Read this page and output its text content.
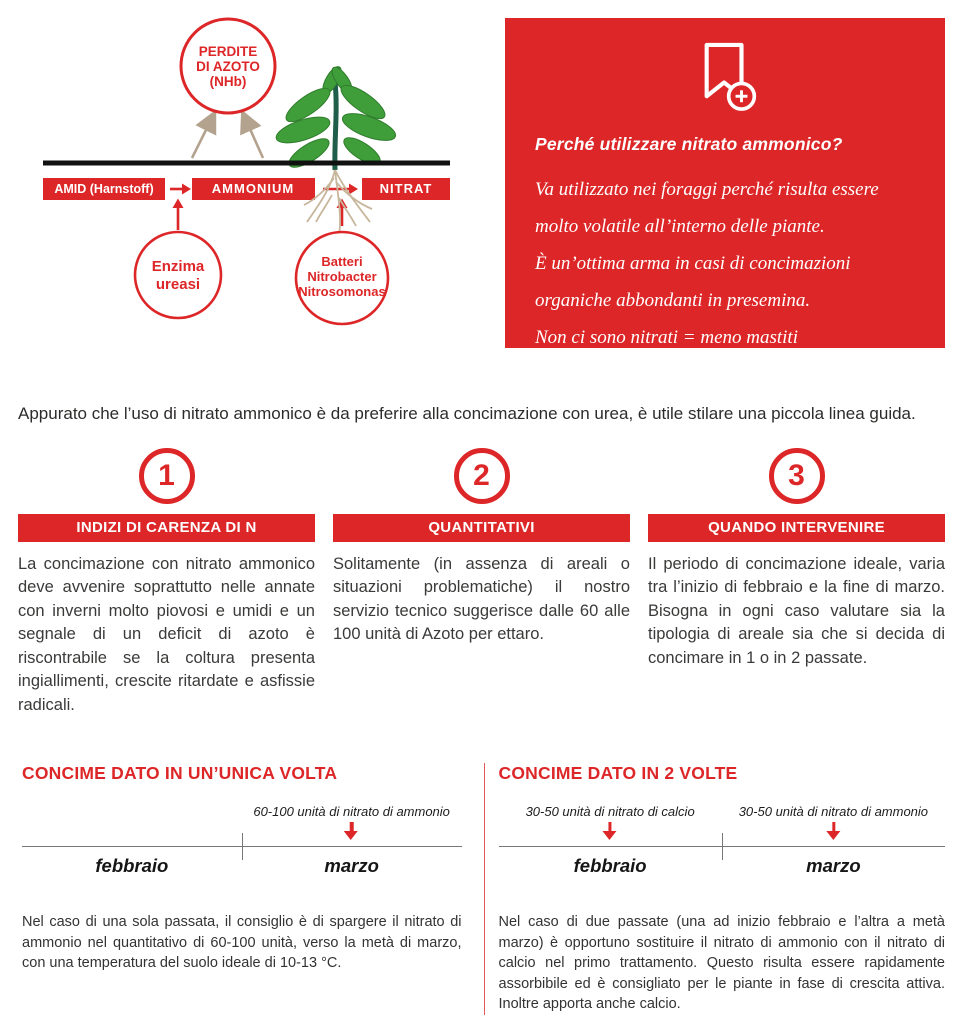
PERDITE
DI AZOTO
(NHb)
AMID (Harnstoff)	AMMONIUM	NITRAT
Enzima
ureasi
Batteri
Nitrobacter
Nitrosomonas
Perché utilizzare nitrato ammonico?

Va utilizzato nei foraggi perché risulta essere molto volatile all’interno delle piante.

È un’ottima arma in casi di concimazioni organiche abbondanti in presemina.

Non ci sono nitrati = meno mastiti

Appurato che l’uso di nitrato ammonico è da preferire alla concimazione con urea, è utile stilare una piccola linea guida.

1
INDIZI DI CARENZA DI N

La concimazione con nitrato ammonico deve avvenire soprattutto nelle annate con inverni molto piovosi e umidi e un segnale di un deficit di azoto è riscontrabile se la coltura presenta ingiallimenti, crescite ritardate e asfissie radicali.

2
QUANTITATIVI

Solitamente (in assenza di areali o situazioni problematiche) il nostro servizio tecnico suggerisce dalle 60 alle 100 unità di Azoto per ettaro.

3
QUANDO INTERVENIRE

Il periodo di concimazione ideale, varia tra l’inizio di febbraio e la fine di marzo. Bisogna in ogni caso valutare sia la tipologia di areale sia che si decida di concimare in 1 o in 2 passate.

CONCIME DATO IN UN’UNICA VOLTA
60-100 unità di nitrato di ammonio
febbraio	marzo

Nel caso di una sola passata, il consiglio è di spargere il nitrato di ammonio nel quantitativo di 60-100 unità, verso la metà di marzo, con una temperatura del suolo ideale di 10-13 °C.

CONCIME DATO IN 2 VOLTE
30-50 unità di nitrato di calcio	30-50 unità di nitrato di ammonio
febbraio	marzo

Nel caso di due passate (una ad inizio febbraio e l’altra a metà marzo) è opportuno sostituire il nitrato di ammonio con il nitrato di calcio nel primo trattamento. Questo risulta essere rapidamente assorbibile ed è consigliato per le piante in fase di crescita attiva. Inoltre apporta anche calcio.
